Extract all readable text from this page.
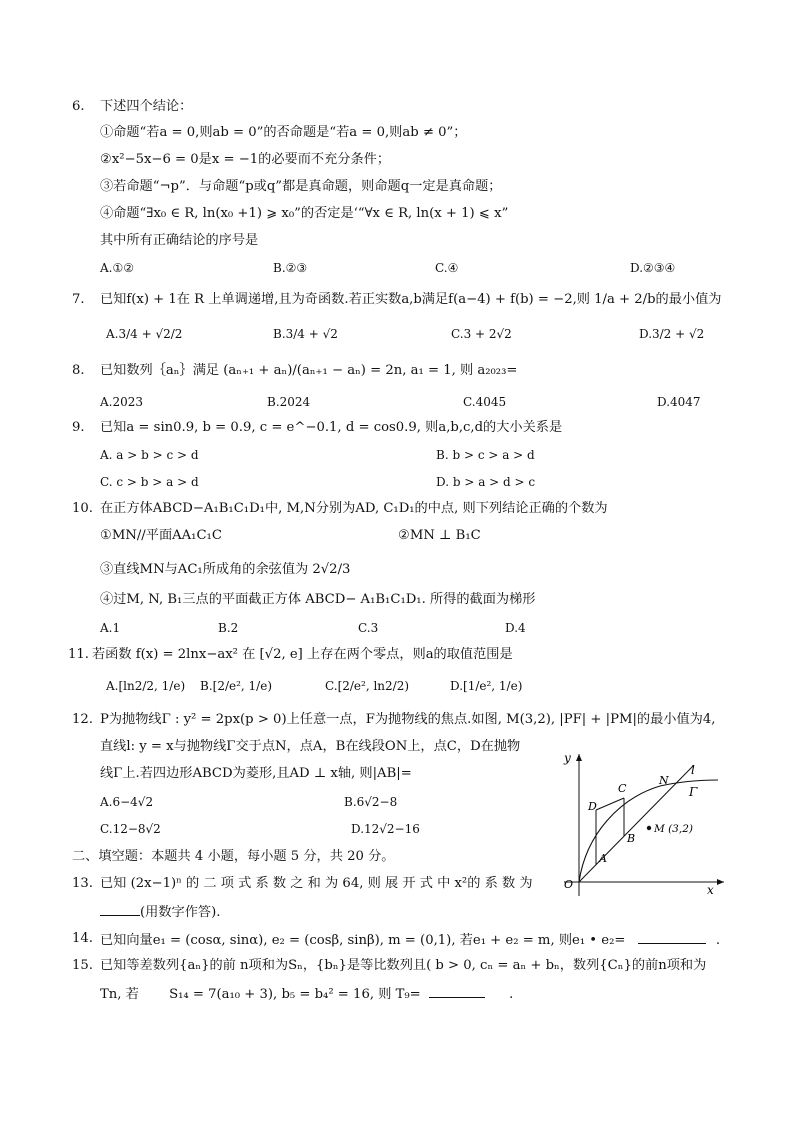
6. 下述四个结论：
①命题“若a = 0,则ab = 0”的否命题是“若a = 0,则ab ≠ 0”；
②x²−5x−6 = 0是x = −1的必要而不充分条件；
③若命题“¬p”．与命题“p或q”都是真命题，则命题q一定是真命题；
④命题“∃x₀ ∈ R, ln(x₀ +1) ⩾ x₀”的否定是‘“∀x ∈ R, ln(x + 1) ⩽ x”
其中所有正确结论的序号是
A.①②	B.②③	C.④	D.②③④
7. 已知f(x) + 1在 R 上单调递增,且为奇函数.若正实数a,b满足f(a−4) + f(b) = −2,则 1/a + 2/b的最小值为
A.3/4 + √2/2	B.3/4 + √2	C.3 + 2√2	D.3/2 + √2
8. 已知数列｛aₙ｝满足 (aₙ₊₁ + aₙ)/(aₙ₊₁ − aₙ) = 2n, a₁ = 1, 则 a₂₀₂₃=
A.2023	B.2024	C.4045	D.4047
9. 已知a = sin0.9, b = 0.9, c = e^−0.1, d = cos0.9, 则a,b,c,d的大小关系是
A. a > b > c > d	B. b > c > a > d
C. c > b > a > d	D. b > a > d > c
10. 在正方体ABCD−A₁B₁C₁D₁中, M,N分别为AD, C₁D₁的中点, 则下列结论正确的个数为
①MN//平面AA₁C₁C	②MN ⊥ B₁C
③直线MN与AC₁所成角的余弦值为 2√2/3
④过M, N, B₁三点的平面截正方体 ABCD− A₁B₁C₁D₁. 所得的截面为梯形
A.1	B.2	C.3	D.4
11. 若函数 f(x) = 2lnx−ax² 在 [√2, e] 上存在两个零点，则a的取值范围是
A.[ln2/2, 1/e) B.[2/e², 1/e)	C.[2/e², ln2/2)	D.[1/e², 1/e)
12. P为抛物线Γ : y² = 2px(p > 0)上任意一点，F为抛物线的焦点.如图, M(3,2), |PF| + |PM|的最小值为4,
直线l: y = x与抛物线Γ交于点N，点A，B在线段ON上，点C，D在抛物
线Γ上.若四边形ABCD为菱形,且AD ⊥ x轴, 则|AB|=
A.6−4√2	B.6√2−8
C.12−8√2	D.12√2−16
y
x
O
l
Γ
N
C
D
A
B
M (3,2)
二、填空题：本题共 4 小题，每小题 5 分，共 20 分。
13. 已知 (2x−1)ⁿ 的 二 项 式 系 数 之 和 为 64, 则 展 开 式 中 x²的 系 数 为
(用数字作答).
14. 已知向量e₁ = (cosα, sinα), e₂ = (cosβ, sinβ), m = (0,1), 若e₁ + e₂ = m, 则e₁ • e₂=	.
15. 已知等差数列{aₙ}的前 n项和为Sₙ，{bₙ}是等比数列且( b > 0, cₙ = aₙ + bₙ，数列{Cₙ}的前n项和为
Tn, 若 S₁₄ = 7(a₁₀ + 3), b₅ = b₄² = 16, 则 T₉=	.
